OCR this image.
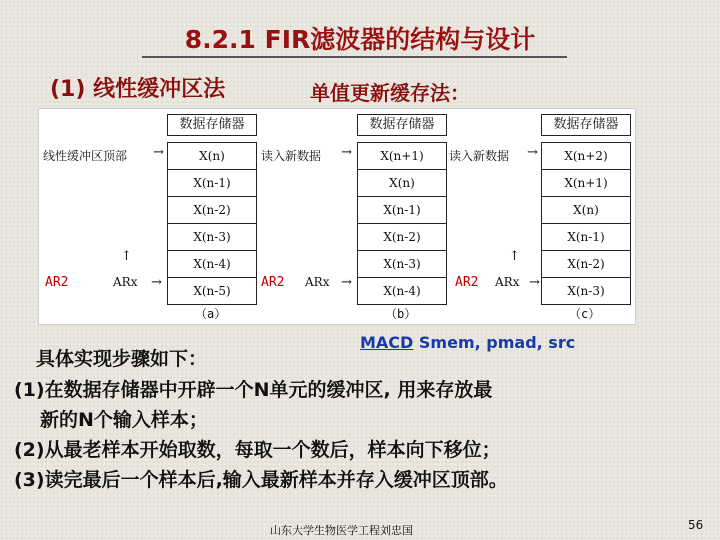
8.2.1 FIR滤波器的结构与设计
(1) 线性缓冲区法	单值更新缓存法：
数据存储器
X(n)
X(n-1)
X(n-2)
X(n-3)
X(n-4)
X(n-5)
线性缓冲区顶部 →
AR2	ARx →
↑
（a）
数据存储器
X(n+1)
X(n)
X(n-1)
X(n-2)
X(n-3)
X(n-4)
读入新数据 →
AR2 ARx →
（b）
数据存储器
X(n+2)
X(n+1)
X(n)
X(n-1)
X(n-2)
X(n-3)
读入新数据 →
AR2 ARx →
↑
（c）
MACD Smem, pmad, src
具体实现步骤如下：
(1)在数据存储器中开辟一个N单元的缓冲区, 用来存放最
新的N个输入样本；
(2)从最老样本开始取数，每取一个数后，样本向下移位；
(3)读完最后一个样本后,输入最新样本并存入缓冲区顶部。
山东大学生物医学工程刘忠国	56
